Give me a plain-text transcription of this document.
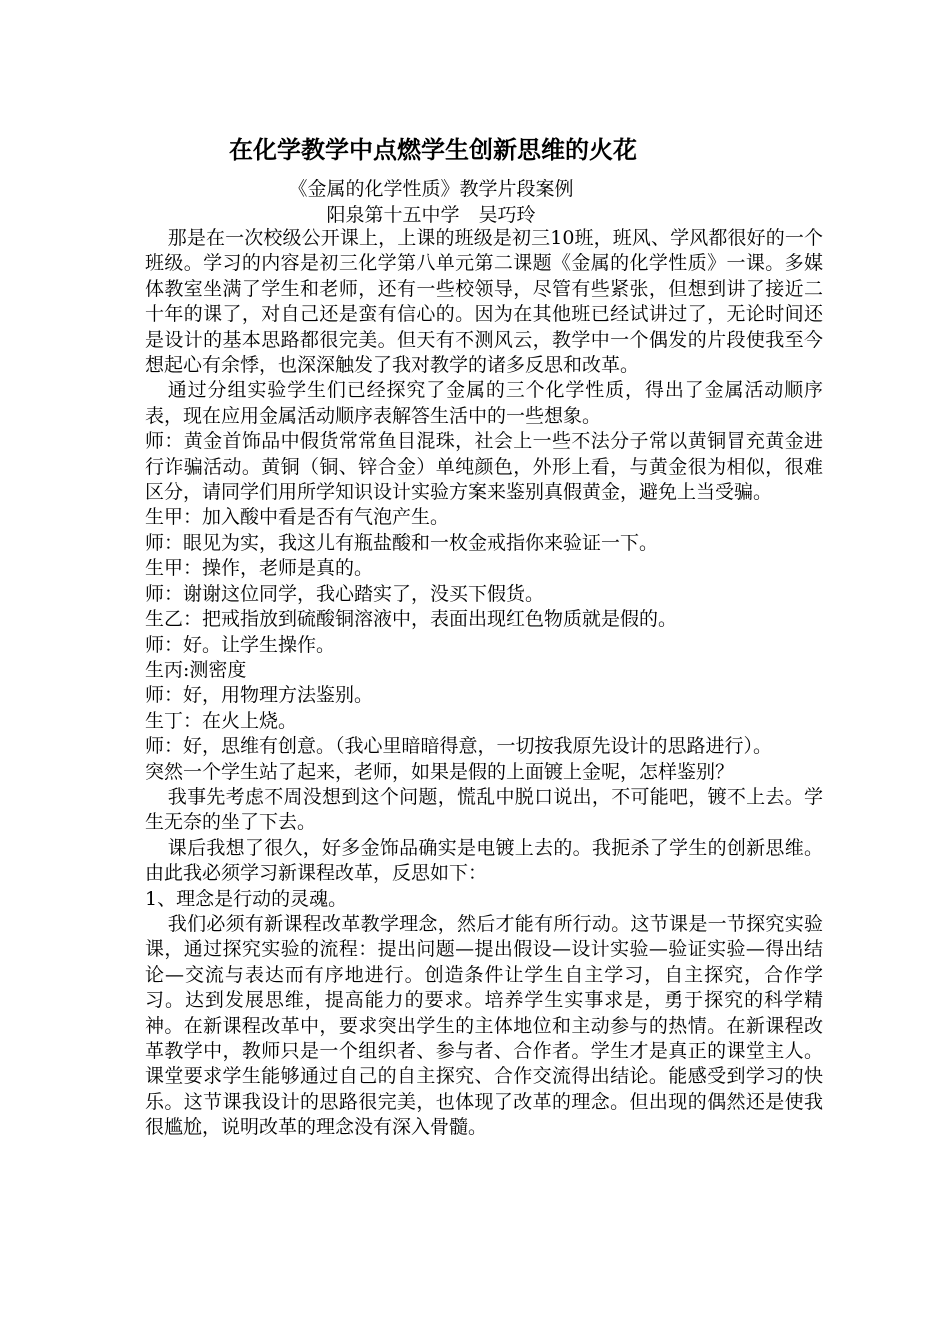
在化学教学中点燃学生创新思维的火花
《金属的化学性质》教学片段案例
阳泉第十五中学　吴巧玲

那是在一次校级公开课上，上课的班级是初三10班，班风、学风都很好的一个班级。学习的内容是初三化学第八单元第二课题《金属的化学性质》一课。多媒体教室坐满了学生和老师，还有一些校领导，尽管有些紧张，但想到讲了接近二十年的课了，对自己还是蛮有信心的。因为在其他班已经试讲过了，无论时间还是设计的基本思路都很完美。但天有不测风云，教学中一个偶发的片段使我至今想起心有余悸，也深深触发了我对教学的诸多反思和改革。

通过分组实验学生们已经探究了金属的三个化学性质，得出了金属活动顺序表，现在应用金属活动顺序表解答生活中的一些想象。

师：黄金首饰品中假货常常鱼目混珠，社会上一些不法分子常以黄铜冒充黄金进行诈骗活动。黄铜（铜、锌合金）单纯颜色，外形上看，与黄金很为相似，很难区分，请同学们用所学知识设计实验方案来鉴别真假黄金，避免上当受骗。

生甲：加入酸中看是否有气泡产生。

师：眼见为实，我这儿有瓶盐酸和一枚金戒指你来验证一下。

生甲：操作，老师是真的。

师：谢谢这位同学，我心踏实了，没买下假货。

生乙：把戒指放到硫酸铜溶液中，表面出现红色物质就是假的。

师：好。让学生操作。

生丙:测密度

师：好，用物理方法鉴别。

生丁：在火上烧。

师：好，思维有创意。（我心里暗暗得意，一切按我原先设计的思路进行）。

突然一个学生站了起来，老师，如果是假的上面镀上金呢，怎样鉴别？

我事先考虑不周没想到这个问题，慌乱中脱口说出，不可能吧，镀不上去。学生无奈的坐了下去。

课后我想了很久，好多金饰品确实是电镀上去的。我扼杀了学生的创新思维。由此我必须学习新课程改革，反思如下：

1、理念是行动的灵魂。

我们必须有新课程改革教学理念，然后才能有所行动。这节课是一节探究实验课，通过探究实验的流程：提出问题—提出假设—设计实验—验证实验—得出结论—交流与表达而有序地进行。创造条件让学生自主学习，自主探究，合作学习。达到发展思维，提高能力的要求。培养学生实事求是，勇于探究的科学精神。在新课程改革中，要求突出学生的主体地位和主动参与的热情。在新课程改革教学中，教师只是一个组织者、参与者、合作者。学生才是真正的课堂主人。课堂要求学生能够通过自己的自主探究、合作交流得出结论。能感受到学习的快乐。这节课我设计的思路很完美，也体现了改革的理念。但出现的偶然还是使我很尴尬，说明改革的理念没有深入骨髓。
